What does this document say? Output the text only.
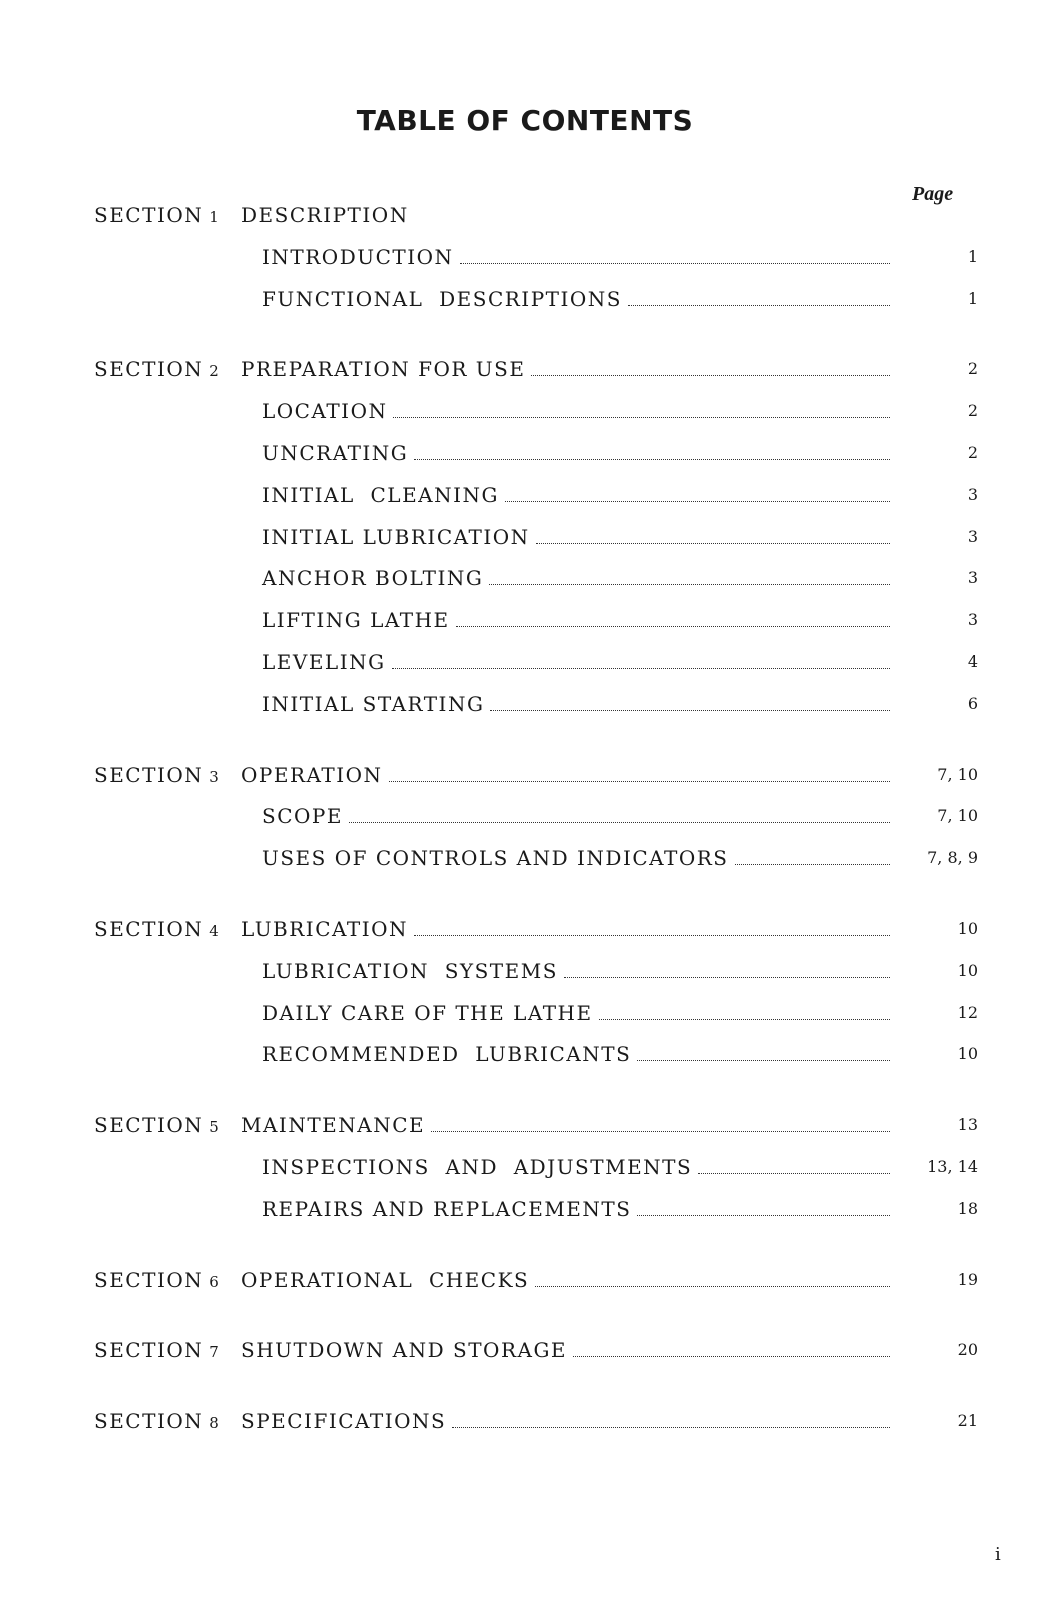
TABLE OF CONTENTS
Page
SECTION 1 DESCRIPTION
INTRODUCTION	1
FUNCTIONAL  DESCRIPTIONS	1
SECTION 2 PREPARATION FOR USE	2
LOCATION	2
UNCRATING	2
INITIAL  CLEANING	3
INITIAL LUBRICATION	3
ANCHOR BOLTING	3
LIFTING LATHE	3
LEVELING	4
INITIAL STARTING	6
SECTION 3 OPERATION	7, 10
SCOPE	7, 10
USES OF CONTROLS AND INDICATORS	7, 8, 9
SECTION 4 LUBRICATION	10
LUBRICATION  SYSTEMS	10
DAILY CARE OF THE LATHE	12
RECOMMENDED  LUBRICANTS	10
SECTION 5 MAINTENANCE	13
INSPECTIONS  AND  ADJUSTMENTS	13, 14
REPAIRS AND REPLACEMENTS	18
SECTION 6 OPERATIONAL  CHECKS	19
SECTION 7 SHUTDOWN AND STORAGE	20
SECTION 8 SPECIFICATIONS	21
i
